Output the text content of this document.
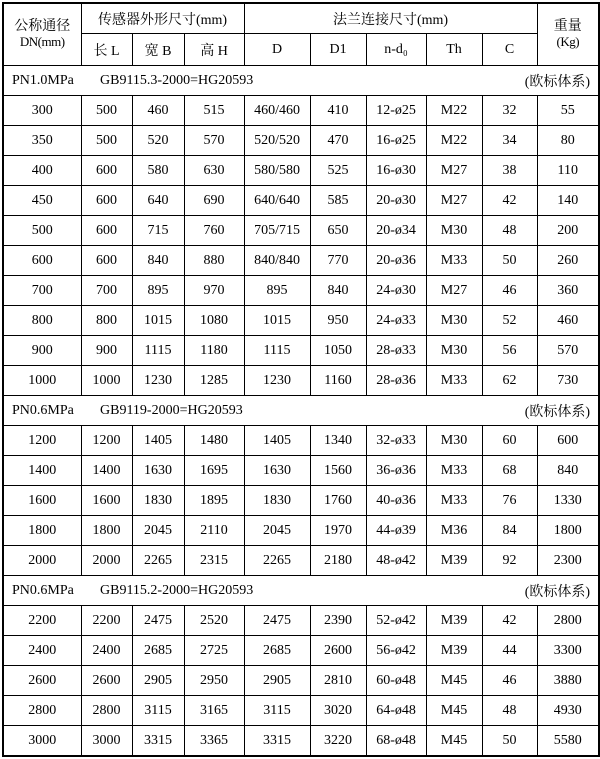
公称通径
DN(mm)
	传感器外形尺寸(mm)	法兰连接尺寸(mm)	重量
(Kg)

	长 L	宽 B	高 H	D	D1	n-d₀	Th	C	

PN1.0MPa GB9115.3-2000=HG20593 (欧标体系)									

300	500	460	515	460/460	410	12-ø25	M22	32	55
350	500	520	570	520/520	470	16-ø25	M22	34	80
400	600	580	630	580/580	525	16-ø30	M27	38	110
450	600	640	690	640/640	585	20-ø30	M27	42	140
500	600	715	760	705/715	650	20-ø34	M30	48	200
600	600	840	880	840/840	770	20-ø36	M33	50	260
700	700	895	970	895	840	24-ø30	M27	46	360
800	800	1015	1080	1015	950	24-ø33	M30	52	460
900	900	1115	1180	1115	1050	28-ø33	M30	56	570
1000	1000	1230	1285	1230	1160	28-ø36	M33	62	730

PN0.6MPa GB9119-2000=HG20593 (欧标体系)									

1200	1200	1405	1480	1405	1340	32-ø33	M30	60	600
1400	1400	1630	1695	1630	1560	36-ø36	M33	68	840
1600	1600	1830	1895	1830	1760	40-ø36	M33	76	1330
1800	1800	2045	2110	2045	1970	44-ø39	M36	84	1800
2000	2000	2265	2315	2265	2180	48-ø42	M39	92	2300

PN0.6MPa GB9115.2-2000=HG20593 (欧标体系)									

2200	2200	2475	2520	2475	2390	52-ø42	M39	42	2800
2400	2400	2685	2725	2685	2600	56-ø42	M39	44	3300
2600	2600	2905	2950	2905	2810	60-ø48	M45	46	3880
2800	2800	3115	3165	3115	3020	64-ø48	M45	48	4930
3000	3000	3315	3365	3315	3220	68-ø48	M45	50	5580
